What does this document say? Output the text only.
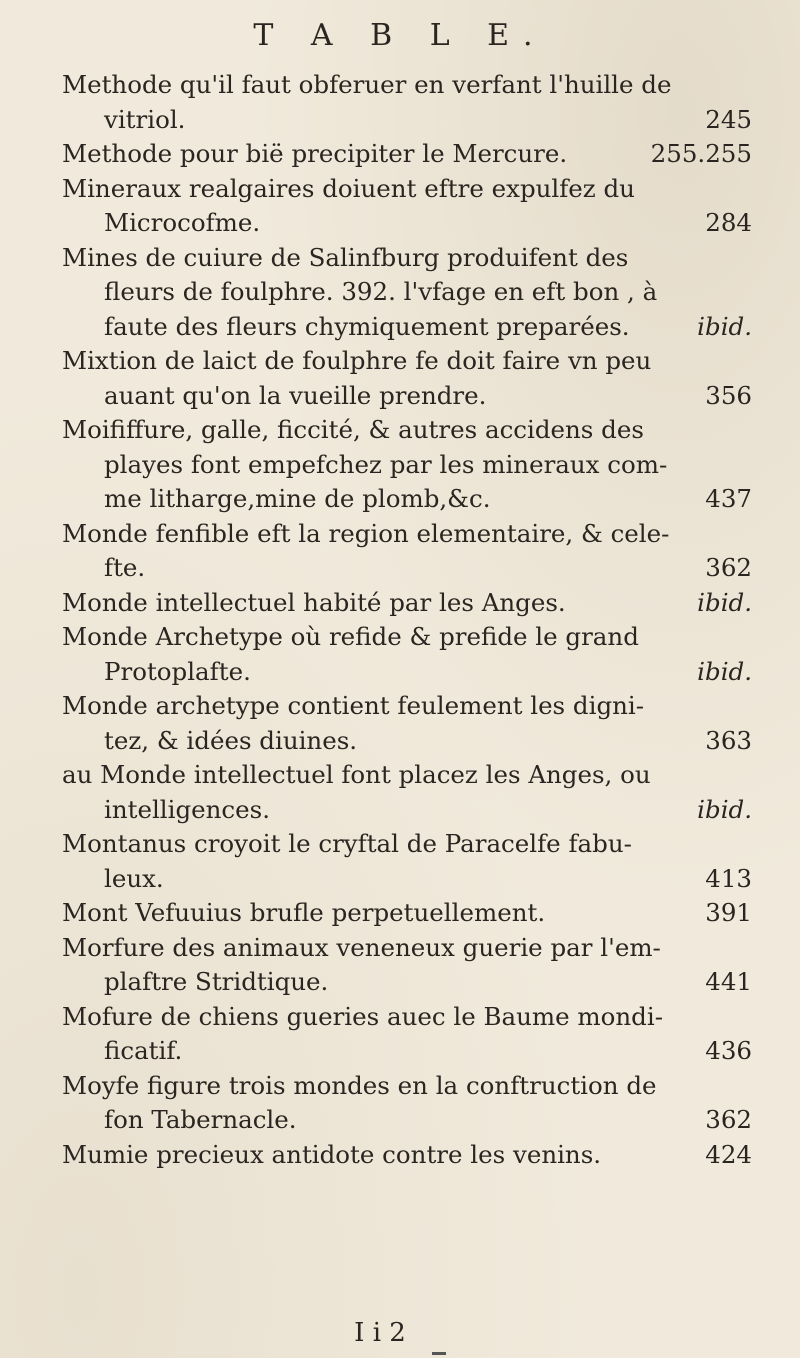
T A B L E.
Methode qu'il faut obferuer en verfant l'huille de
vitriol.	245
Methode pour bië precipiter le Mercure.	255.255
Mineraux realgaires doiuent eftre expulfez du
Microcofme.	284
Mines de cuiure de Salinfburg produifent des
fleurs de foulphre. 392. l'vfage en eft bon , à
faute des fleurs chymiquement preparées.	ibid.
Mixtion de laict de foulphre fe doit faire vn peu
auant qu'on la vueille prendre.	356
Moififfure, galle, ficcité, & autres accidens des
playes font empefchez par les mineraux com-
me litharge,mine de plomb,&c.	437
Monde fenfible eft la region elementaire, & cele-
fte.	362
Monde intellectuel habité par les Anges.	ibid.
Monde Archetype où refide & prefide le grand
Protoplafte.	ibid.
Monde archetype contient feulement les digni-
tez, & idées diuines.	363
au Monde intellectuel font placez les Anges, ou
intelligences.	ibid.
Montanus croyoit le cryftal de Paracelfe fabu-
leux.	413
Mont Vefuuius brufle perpetuellement.	391
Morfure des animaux veneneux guerie par l'em-
plaftre Stridtique.	441
Mofure de chiens gueries auec le Baume mondi-
ficatif.	436
Moyfe figure trois mondes en la conftruction de
fon Tabernacle.	362
Mumie precieux antidote contre les venins.	424
I i 2
